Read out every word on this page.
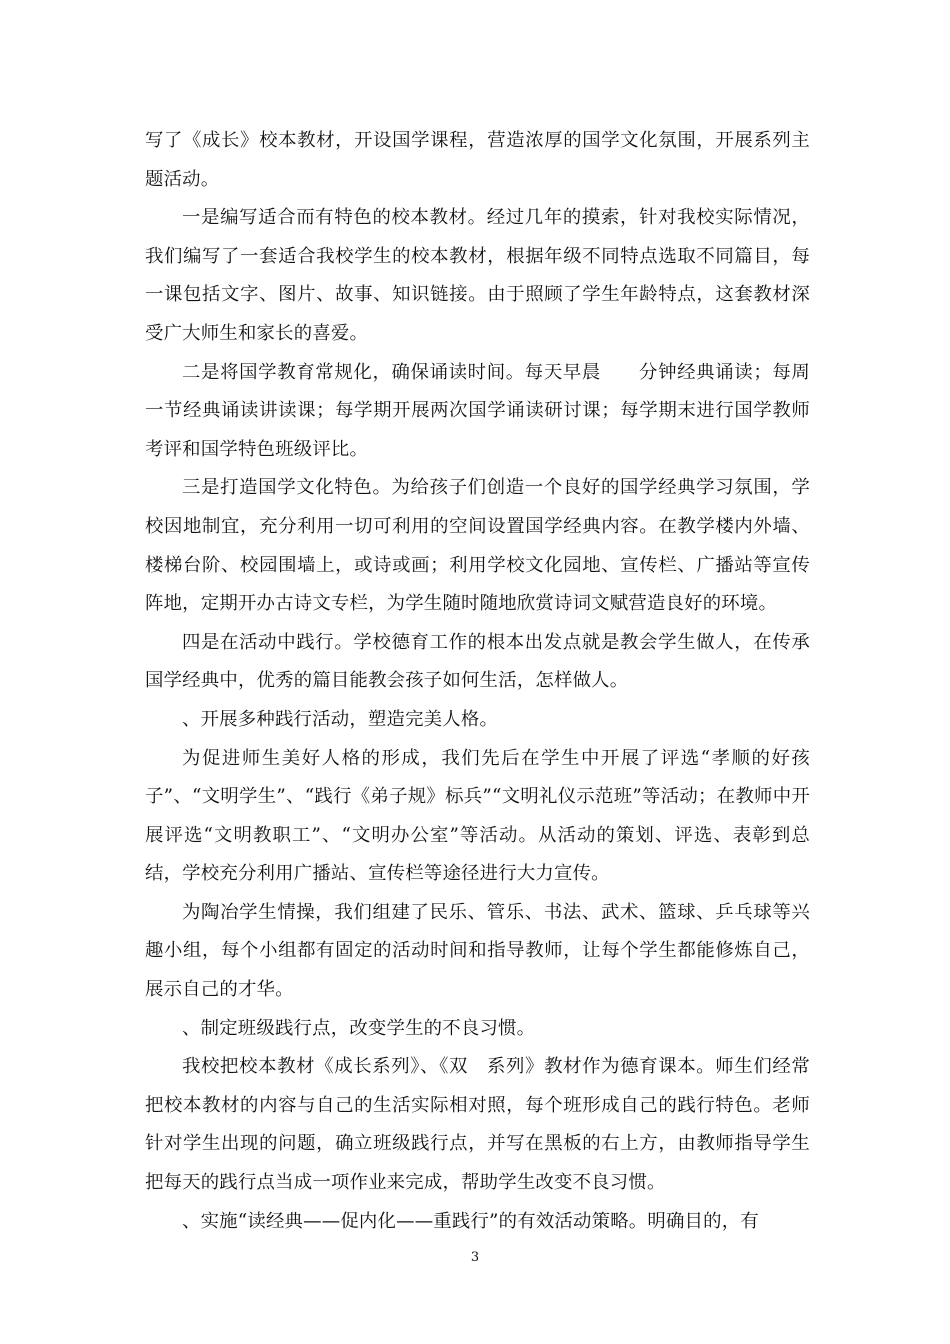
写了《成长》校本教材，开设国学课程，营造浓厚的国学文化氛围，开展系列主题活动。

一是编写适合而有特色的校本教材。经过几年的摸索，针对我校实际情况，我们编写了一套适合我校学生的校本教材，根据年级不同特点选取不同篇目，每一课包括文字、图片、故事、知识链接。由于照顾了学生年龄特点，这套教材深受广大师生和家长的喜爱。

二是将国学教育常规化，确保诵读时间。每天早晨　　分钟经典诵读；每周一节经典诵读讲读课；每学期开展两次国学诵读研讨课；每学期末进行国学教师考评和国学特色班级评比。

三是打造国学文化特色。为给孩子们创造一个良好的国学经典学习氛围，学校因地制宜，充分利用一切可利用的空间设置国学经典内容。在教学楼内外墙、楼梯台阶、校园围墙上，或诗或画；利用学校文化园地、宣传栏、广播站等宣传阵地，定期开办古诗文专栏，为学生随时随地欣赏诗词文赋营造良好的环境。

四是在活动中践行。学校德育工作的根本出发点就是教会学生做人，在传承国学经典中，优秀的篇目能教会孩子如何生活，怎样做人。

、开展多种践行活动，塑造完美人格。

为促进师生美好人格的形成，我们先后在学生中开展了评选“孝顺的好孩子”、“文明学生”、“践行《弟子规》标兵”“文明礼仪示范班”等活动；在教师中开展评选“文明教职工”、“文明办公室”等活动。从活动的策划、评选、表彰到总结，学校充分利用广播站、宣传栏等途径进行大力宣传。

为陶冶学生情操，我们组建了民乐、管乐、书法、武术、篮球、乒乓球等兴趣小组，每个小组都有固定的活动时间和指导教师，让每个学生都能修炼自己，展示自己的才华。

、制定班级践行点，改变学生的不良习惯。

我校把校本教材《成长系列》、《双　系列》教材作为德育课本。师生们经常把校本教材的内容与自己的生活实际相对照，每个班形成自己的践行特色。老师针对学生出现的问题，确立班级践行点，并写在黑板的右上方，由教师指导学生把每天的践行点当成一项作业来完成，帮助学生改变不良习惯。

、实施“读经典——促内化——重践行”的有效活动策略。明确目的，有

3
